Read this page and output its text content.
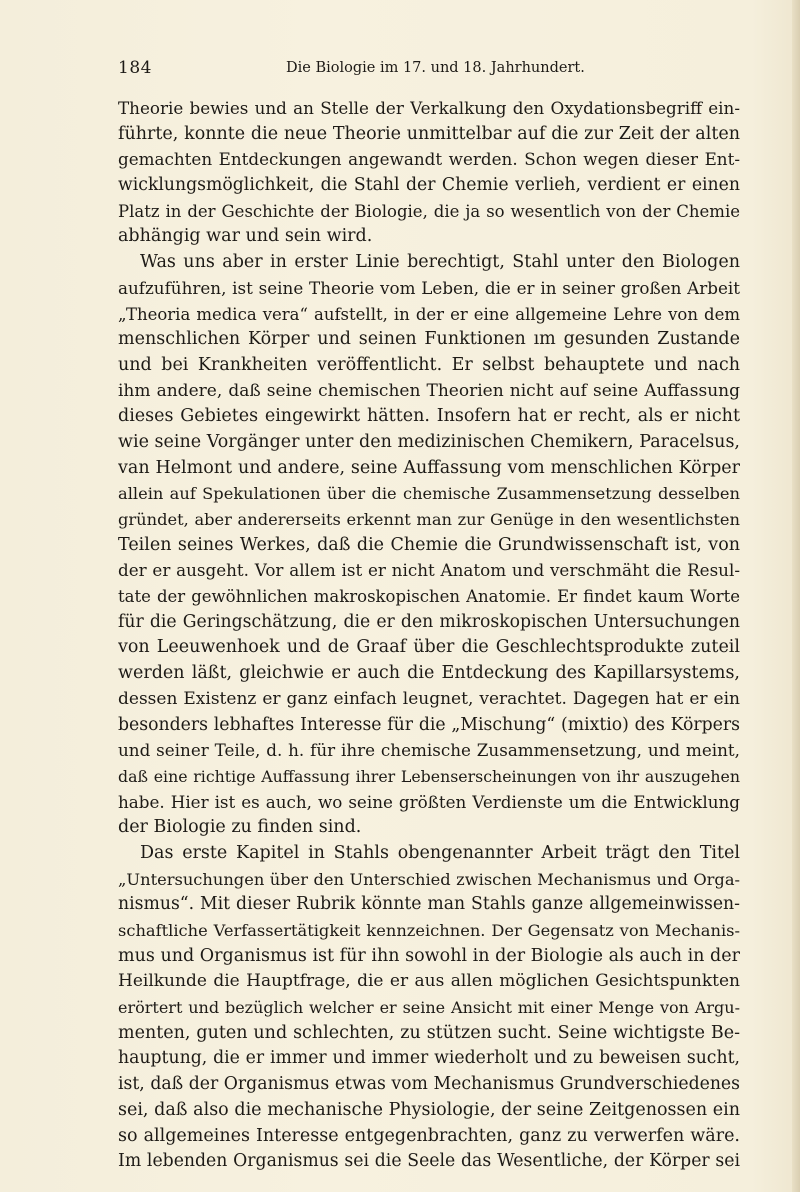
184	Die Biologie im 17. und 18. Jahrhundert.
Theorie bewies und an Stelle der Verkalkung den Oxydationsbegriff ein-
führte, konnte die neue Theorie unmittelbar auf die zur Zeit der alten
gemachten Entdeckungen angewandt werden. Schon wegen dieser Ent-
wicklungsmöglichkeit, die Stahl der Chemie verlieh, verdient er einen
Platz in der Geschichte der Biologie, die ja so wesentlich von der Chemie
abhängig war und sein wird.
Was uns aber in erster Linie berechtigt, Stahl unter den Biologen
aufzuführen, ist seine Theorie vom Leben, die er in seiner großen Arbeit
„Theoria medica vera“ aufstellt, in der er eine allgemeine Lehre von dem
menschlichen Körper und seinen Funktionen ım gesunden Zustande
und bei Krankheiten veröffentlicht. Er selbst behauptete und nach
ihm andere, daß seine chemischen Theorien nicht auf seine Auffassung
dieses Gebietes eingewirkt hätten. Insofern hat er recht, als er nicht
wie seine Vorgänger unter den medizinischen Chemikern, Paracelsus,
van Helmont und andere, seine Auffassung vom menschlichen Körper
allein auf Spekulationen über die chemische Zusammensetzung desselben
gründet, aber andererseits erkennt man zur Genüge in den wesentlichsten
Teilen seines Werkes, daß die Chemie die Grundwissenschaft ist, von
der er ausgeht. Vor allem ist er nicht Anatom und verschmäht die Resul-
tate der gewöhnlichen makroskopischen Anatomie. Er findet kaum Worte
für die Geringschätzung, die er den mikroskopischen Untersuchungen
von Leeuwenhoek und de Graaf über die Geschlechtsprodukte zuteil
werden läßt, gleichwie er auch die Entdeckung des Kapillarsystems,
dessen Existenz er ganz einfach leugnet, verachtet. Dagegen hat er ein
besonders lebhaftes Interesse für die „Mischung“ (mixtio) des Körpers
und seiner Teile, d. h. für ihre chemische Zusammensetzung, und meint,
daß eine richtige Auffassung ihrer Lebenserscheinungen von ihr auszugehen
habe. Hier ist es auch, wo seine größten Verdienste um die Entwicklung
der Biologie zu finden sind.
Das erste Kapitel in Stahls obengenannter Arbeit trägt den Titel
„Untersuchungen über den Unterschied zwischen Mechanismus und Orga-
nismus“. Mit dieser Rubrik könnte man Stahls ganze allgemeinwissen-
schaftliche Verfassertätigkeit kennzeichnen. Der Gegensatz von Mechanis-
mus und Organismus ist für ihn sowohl in der Biologie als auch in der
Heilkunde die Hauptfrage, die er aus allen möglichen Gesichtspunkten
erörtert und bezüglich welcher er seine Ansicht mit einer Menge von Argu-
menten, guten und schlechten, zu stützen sucht. Seine wichtigste Be-
hauptung, die er immer und immer wiederholt und zu beweisen sucht,
ist, daß der Organismus etwas vom Mechanismus Grundverschiedenes
sei, daß also die mechanische Physiologie, der seine Zeitgenossen ein
so allgemeines Interesse entgegenbrachten, ganz zu verwerfen wäre.
Im lebenden Organismus sei die Seele das Wesentliche, der Körper sei
